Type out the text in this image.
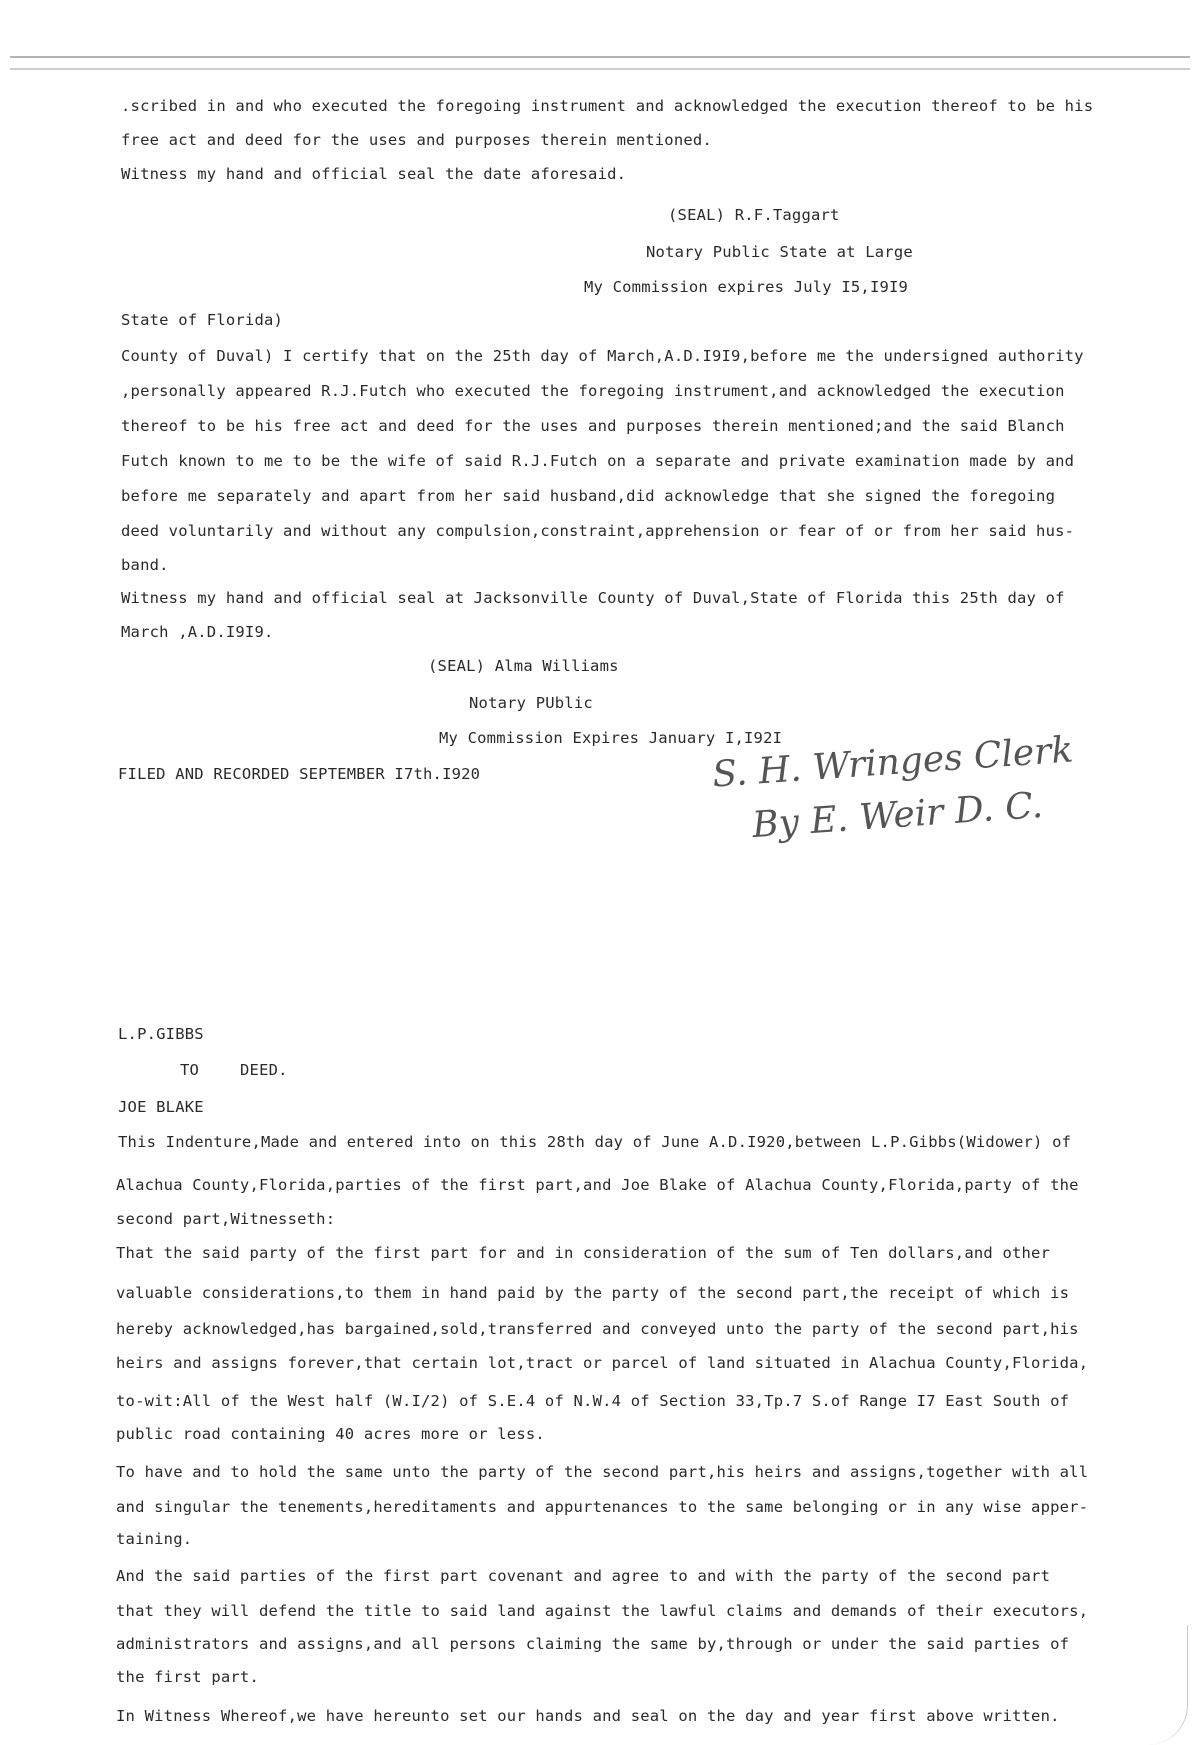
.scribed in and who executed the foregoing instrument and acknowledged the execution thereof to be his
free act and deed for the uses and purposes therein mentioned.
Witness my hand and official seal the date aforesaid.
(SEAL) R.F.Taggart
Notary Public State at Large
My Commission expires July I5,I9I9
State of Florida)
County of Duval) I certify that on the 25th day of March,A.D.I9I9,before me the undersigned authority
,personally appeared R.J.Futch who executed the foregoing instrument,and acknowledged the execution
thereof to be his free act and deed for the uses and purposes therein mentioned;and the said Blanch
Futch known to me to be the wife of said R.J.Futch on a separate and private examination made by and
before me separately and apart from her said husband,did acknowledge that she signed the foregoing
deed voluntarily and without any compulsion,constraint,apprehension or fear of or from her said hus-
band.
Witness my hand and official seal at Jacksonville County of Duval,State of Florida this 25th day of
March ,A.D.I9I9.
(SEAL) Alma Williams
Notary PUblic
My Commission Expires January I,I92I
FILED AND RECORDED SEPTEMBER I7th.I920	S. H. Wringes Clerk
By E. Weir D. C.
L.P.GIBBS
TO	DEED.
JOE BLAKE
This Indenture,Made and entered into on this 28th day of June A.D.I920,between L.P.Gibbs(Widower) of
Alachua County,Florida,parties of the first part,and Joe Blake of Alachua County,Florida,party of the
second part,Witnesseth:
That the said party of the first part for and in consideration of the sum of Ten dollars,and other
valuable considerations,to them in hand paid by the party of the second part,the receipt of which is
hereby acknowledged,has bargained,sold,transferred and conveyed unto the party of the second part,his
heirs and assigns forever,that certain lot,tract or parcel of land situated in Alachua County,Florida,
to-wit:All of the West half (W.I/2) of S.E.4 of N.W.4 of Section 33,Tp.7 S.of Range I7 East South of
public road containing 40 acres more or less.
To have and to hold the same unto the party of the second part,his heirs and assigns,together with all
and singular the tenements,hereditaments and appurtenances to the same belonging or in any wise apper-
taining.
And the said parties of the first part covenant and agree to and with the party of the second part
that they will defend the title to said land against the lawful claims and demands of their executors,
administrators and assigns,and all persons claiming the same by,through or under the said parties of
the first part.
In Witness Whereof,we have hereunto set our hands and seal on the day and year first above written.
